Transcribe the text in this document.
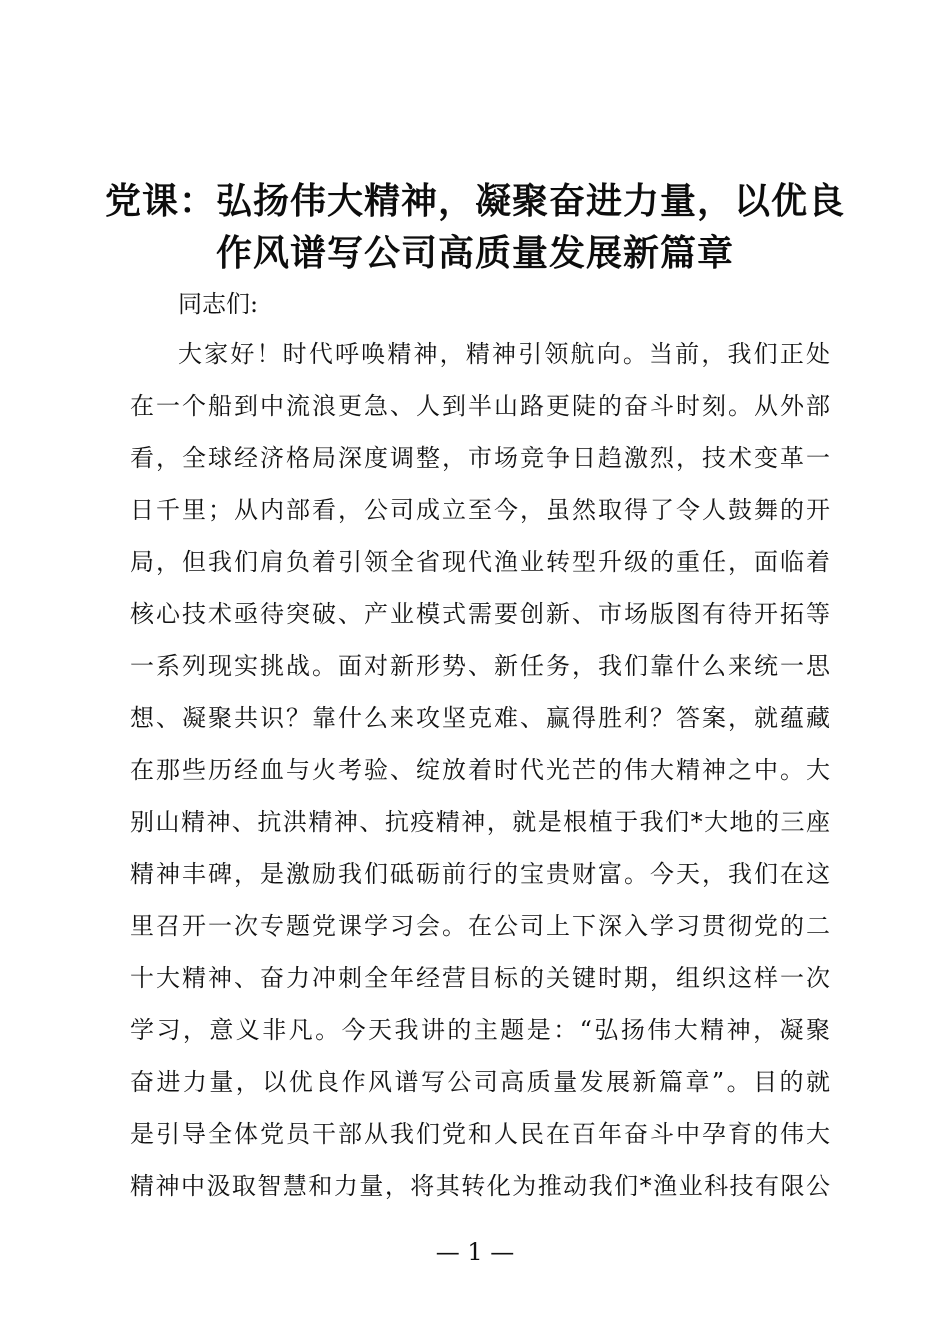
党课：弘扬伟大精神，凝聚奋进力量，以优良
作风谱写公司高质量发展新篇章
同志们:
大家好！时代呼唤精神，精神引领航向。当前，我们正处
在一个船到中流浪更急、人到半山路更陡的奋斗时刻。从外部
看，全球经济格局深度调整，市场竞争日趋激烈，技术变革一
日千里；从内部看，公司成立至今，虽然取得了令人鼓舞的开
局，但我们肩负着引领全省现代渔业转型升级的重任，面临着
核心技术亟待突破、产业模式需要创新、市场版图有待开拓等
一系列现实挑战。面对新形势、新任务，我们靠什么来统一思
想、凝聚共识？靠什么来攻坚克难、赢得胜利？答案，就蕴藏
在那些历经血与火考验、绽放着时代光芒的伟大精神之中。大
别山精神、抗洪精神、抗疫精神，就是根植于我们*大地的三座
精神丰碑，是激励我们砥砺前行的宝贵财富。今天，我们在这
里召开一次专题党课学习会。在公司上下深入学习贯彻党的二
十大精神、奋力冲刺全年经营目标的关键时期，组织这样一次
学习，意义非凡。今天我讲的主题是：“弘扬伟大精神，凝聚
奋进力量，以优良作风谱写公司高质量发展新篇章”。目的就
是引导全体党员干部从我们党和人民在百年奋斗中孕育的伟大
精神中汲取智慧和力量，将其转化为推动我们*渔业科技有限公
— 1 —
